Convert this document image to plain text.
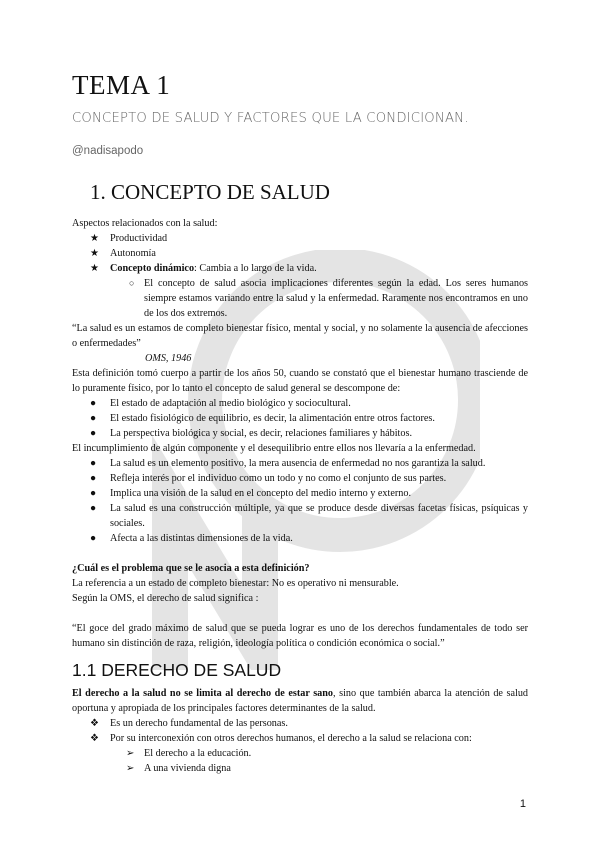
TEMA 1
CONCEPTO DE SALUD Y FACTORES QUE LA CONDICIONAN.
@nadisapodo
1. CONCEPTO DE SALUD

Aspectos relacionados con la salud:

★ Productividad
★ Autonomía
★ Concepto dinámico: Cambia a lo largo de la vida.
○ El concepto de salud asocia implicaciones diferentes según la edad. Los seres humanos siempre estamos variando entre la salud y la enfermedad. Raramente nos encontramos en uno de los dos extremos.

“La salud es un estamos de completo bienestar físico, mental y social, y no solamente la ausencia de afecciones o enfermedades”

OMS, 1946

Esta definición tomó cuerpo a partir de los años 50, cuando se constató que el bienestar humano trasciende de lo puramente físico, por lo tanto el concepto de salud general se descompone de:

● El estado de adaptación al medio biológico y sociocultural.
● El estado fisiológico de equilibrio, es decir, la alimentación entre otros factores.
● La perspectiva biológica y social, es decir, relaciones familiares y hábitos.

El incumplimiento de algún componente y el desequilibrio entre ellos nos llevaría a la enfermedad.

● La salud es un elemento positivo, la mera ausencia de enfermedad no nos garantiza la salud.
● Refleja interés por el individuo como un todo y no como el conjunto de sus partes.
● Implica una visión de la salud en el concepto del medio interno y externo.
● La salud es una construcción múltiple, ya que se produce desde diversas facetas físicas, psíquicas y sociales.
● Afecta a las distintas dimensiones de la vida.

¿Cuál es el problema que se le asocia a esta definición?

La referencia a un estado de completo bienestar: No es operativo ni mensurable.

Según la OMS, el derecho de salud significa :

“El goce del grado máximo de salud que se pueda lograr es uno de los derechos fundamentales de todo ser humano sin distinción de raza, religión, ideología política o condición económica o social.”

1.1 DERECHO DE SALUD

El derecho a la salud no se limita al derecho de estar sano, sino que también abarca la atención de salud oportuna y apropiada de los principales factores determinantes de la salud.

❖ Es un derecho fundamental de las personas.
❖ Por su interconexión con otros derechos humanos, el derecho a la salud se relaciona con:
➢ El derecho a la educación.
➢ A una vivienda digna
1
